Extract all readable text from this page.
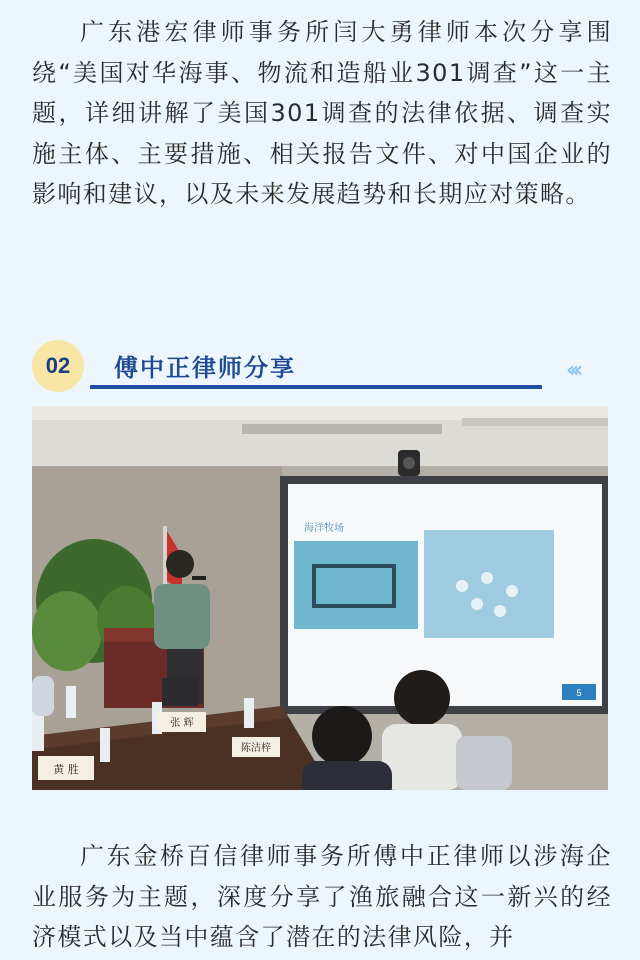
广东港宏律师事务所闫大勇律师本次分享围绕“美国对华海事、物流和造船业301调查”这一主题，详细讲解了美国301调查的法律依据、调查实施主体、主要措施、相关报告文件、对中国企业的影响和建议，以及未来发展趋势和长期应对策略。

02	傅中正律师分享	‹‹‹
海洋牧场
5
黄 胜
张 辉
陈洁梓

广东金桥百信律师事务所傅中正律师以涉海企业服务为主题，深度分享了渔旅融合这一新兴的经济模式以及当中蕴含了潜在的法律风险，并
